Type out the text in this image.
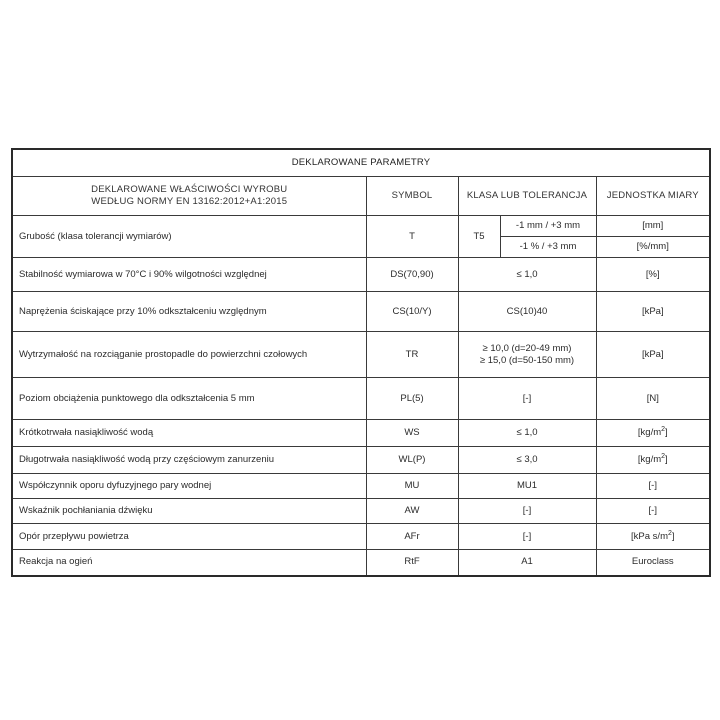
DEKLAROWANE PARAMETRY				

DEKLAROWANE WŁAŚCIWOŚCI WYROBU
WEDŁUG NORMY EN 13162:2012+A1:2015	SYMBOL	KLASA LUB TOLERANCJA		JEDNOSTKA MIARY
Grubość (klasa tolerancji wymiarów)	T	T5	-1 mm / +3 mm	[mm]
			-1 % / +3 mm	[%/mm]
Stabilność wymiarowa w 70°C i 90% wilgotności względnej	DS(70,90)	≤ 1,0		[%]
Naprężenia ściskające przy 10% odkształceniu względnym	CS(10/Y)	CS(10)40		[kPa]
Wytrzymałość na rozciąganie prostopadle do powierzchni czołowych	TR	≥ 10,0 (d=20-49 mm)
≥ 15,0 (d=50-150 mm)		[kPa]
Poziom obciążenia punktowego dla odkształcenia 5 mm	PL(5)	[-]		[N]
Krótkotrwała nasiąkliwość wodą	WS	≤ 1,0		$[kg/m^2]$
Długotrwała nasiąkliwość wodą przy częściowym zanurzeniu	WL(P)	≤ 3,0		$[kg/m^2]$
Współczynnik oporu dyfuzyjnego pary wodnej	MU	MU1		[-]
Wskaźnik pochłaniania dźwięku	AW	[-]		[-]
Opór przepływu powietrza	AFr	[-]		[kPa $s/m^2$]
Reakcja na ogień	RtF	A1		Euroclass
